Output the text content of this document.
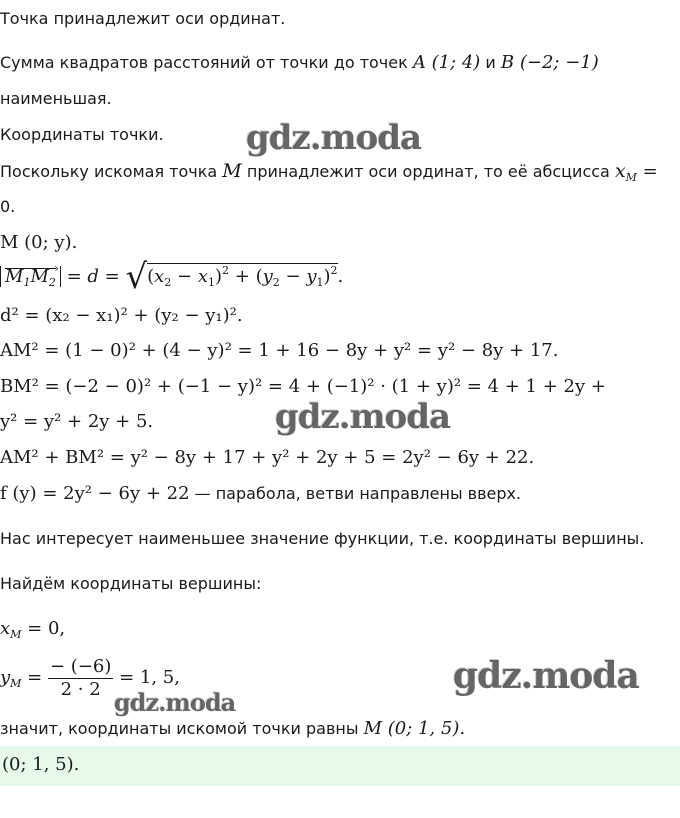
Точка принадлежит оси ординат.
Сумма квадратов расстояний от точки до точек A (1; 4) и B (−2; −1)
наименьшая.
Координаты точки.
Поскольку искомая точка M принадлежит оси ординат, то её абсцисса $x_M$ =
0.
M (0; y).
$M_1M_2$ › = $d = √(x_2 - x_1)^2 + (y_2 - y_1)^2$.
d² = (x₂ − x₁)² + (y₂ − y₁)².
AM² = (1 − 0)² + (4 − y)² = 1 + 16 − 8y + y² = y² − 8y + 17.
BM² = (−2 − 0)² + (−1 − y)² = 4 + (−1)² · (1 + y)² = 4 + 1 + 2y +
y² = y² + 2y + 5.
AM² + BM² = y² − 8y + 17 + y² + 2y + 5 = 2y² − 6y + 22.
f (y) = 2y² − 6y + 22 — парабола, ветви направлены вверх.
Нас интересует наименьшее значение функции, т.е. координаты вершины.
Найдём координаты вершины:
$x_M = 0$,
$y_M = \frac{- (-6)}{2 \cdot 2} = 1$, 5,
значит, координаты искомой точки равны M (0; 1, 5).
(0; 1, 5).
gdz.moda
gdz.moda
gdz.moda
gdz.moda
